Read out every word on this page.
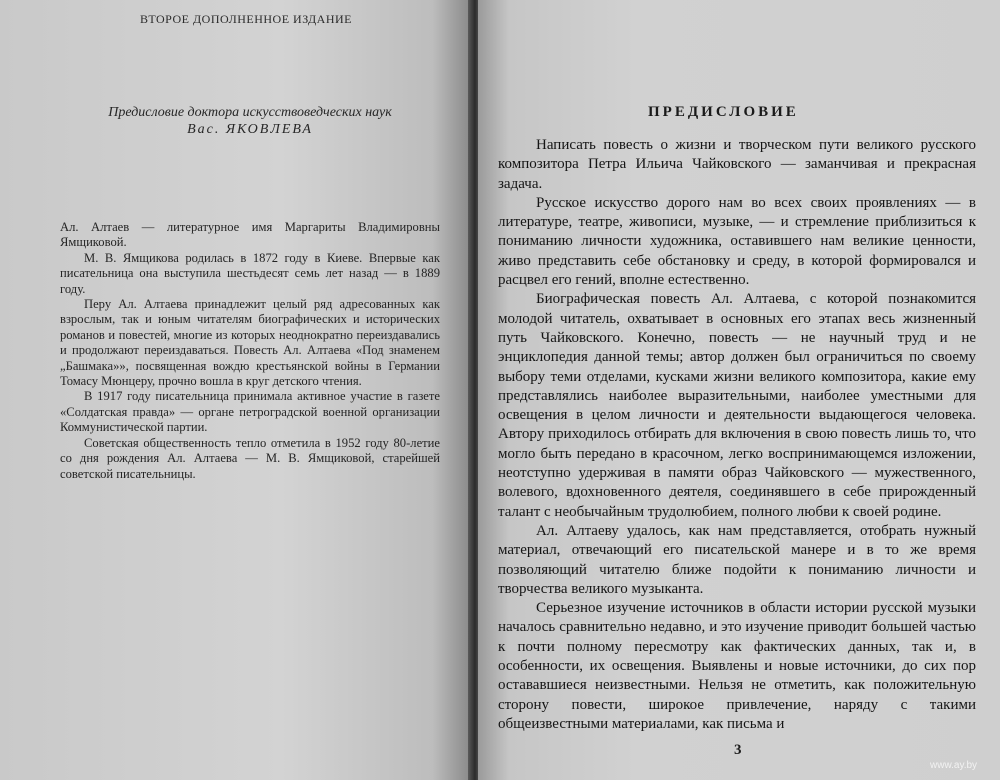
ВТОРОЕ ДОПОЛНЕННОЕ ИЗДАНИЕ
Предисловие доктора искусствоведческих наук
Вас. ЯКОВЛЕВА

Ал. Алтаев — литературное имя Маргариты Владимировны Ямщиковой.

М. В. Ямщикова родилась в 1872 году в Киеве. Впервые как писательница она выступила шестьдесят семь лет назад — в 1889 году.

Перу Ал. Алтаева принадлежит целый ряд адресованных как взрослым, так и юным читателям биографических и исторических романов и повестей, многие из которых неоднократно переиздавались и продолжают переиздаваться. Повесть Ал. Алтаева «Под знаменем „Башмака»», посвященная вождю крестьянской войны в Германии Томасу Мюнцеру, прочно вошла в круг детского чтения.

В 1917 году писательница принимала активное участие в газете «Солдатская правда» — органе петроградской военной организации Коммунистической партии.

Советская общественность тепло отметила в 1952 году 80-летие со дня рождения Ал. Алтаева — М. В. Ямщиковой, старейшей советской писательницы.

ПРЕДИСЛОВИЕ

Написать повесть о жизни и творческом пути великого русского композитора Петра Ильича Чайковского — заманчивая и прекрасная задача.

Русское искусство дорого нам во всех своих проявлениях — в литературе, театре, живописи, музыке, — и стремление приблизиться к пониманию личности художника, оставившего нам великие ценности, живо представить себе обстановку и среду, в которой формировался и расцвел его гений, вполне естественно.

Биографическая повесть Ал. Алтаева, с которой познакомится молодой читатель, охватывает в основных его этапах весь жизненный путь Чайковского. Конечно, повесть — не научный труд и не энциклопедия данной темы; автор должен был ограничиться по своему выбору теми отделами, кусками жизни великого композитора, какие ему представлялись наиболее выразительными, наиболее уместными для освещения в целом личности и деятельности выдающегося человека. Автору приходилось отбирать для включения в свою повесть лишь то, что могло быть передано в красочном, легко воспринимающемся изложении, неотступно удерживая в памяти образ Чайковского — мужественного, волевого, вдохновенного деятеля, соединявшего в себе прирожденный талант с необычайным трудолюбием, полного любви к своей родине.

Ал. Алтаеву удалось, как нам представляется, отобрать нужный материал, отвечающий его писательской манере и в то же время позволяющий читателю ближе подойти к пониманию личности и творчества великого музыканта.

Серьезное изучение источников в области истории русской музыки началось сравнительно недавно, и это изучение приводит большей частью к почти полному пересмотру как фактических данных, так и, в особенности, их освещения. Выявлены и новые источники, до сих пор остававшиеся неизвестными. Нельзя не отметить, как положительную сторону повести, широкое привлечение, наряду с такими общеизвестными материалами, как письма и

3
www.ay.by
